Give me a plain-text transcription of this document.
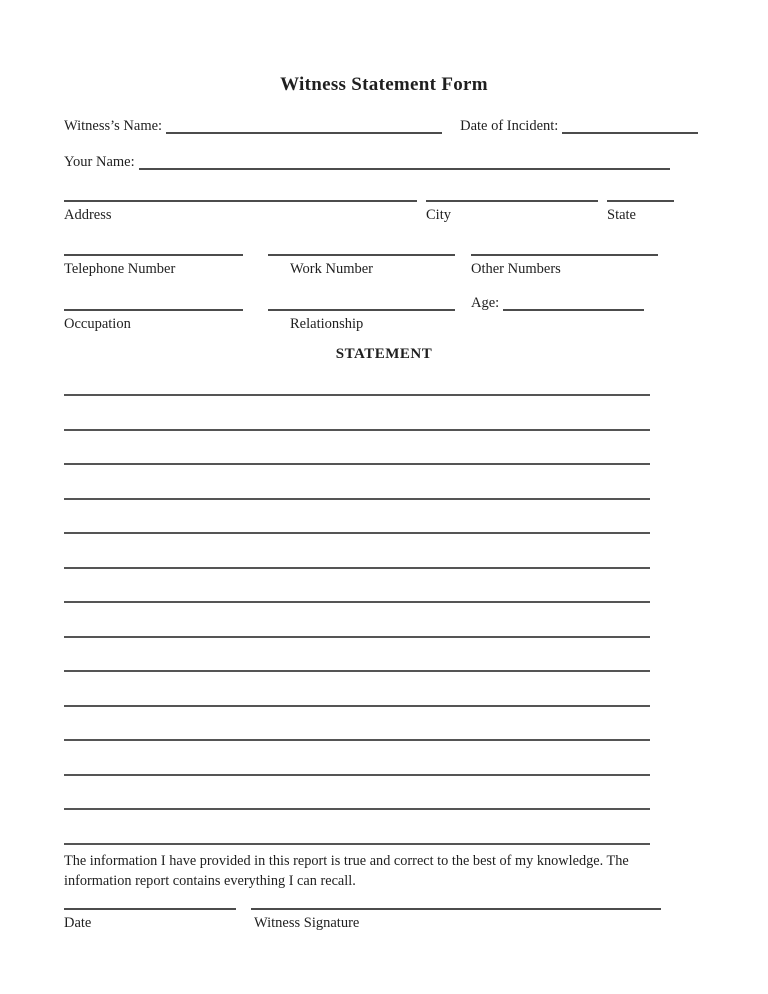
Witness Statement Form
Witness’s Name:	Date of Incident:
Your Name:
Address	City	State
Telephone Number	Work Number	Other Numbers
Occupation	Relationship
Age:
STATEMENT
The information I have provided in this report is true and correct to the best of my knowledge. The information report contains everything I can recall.
Date	Witness Signature
